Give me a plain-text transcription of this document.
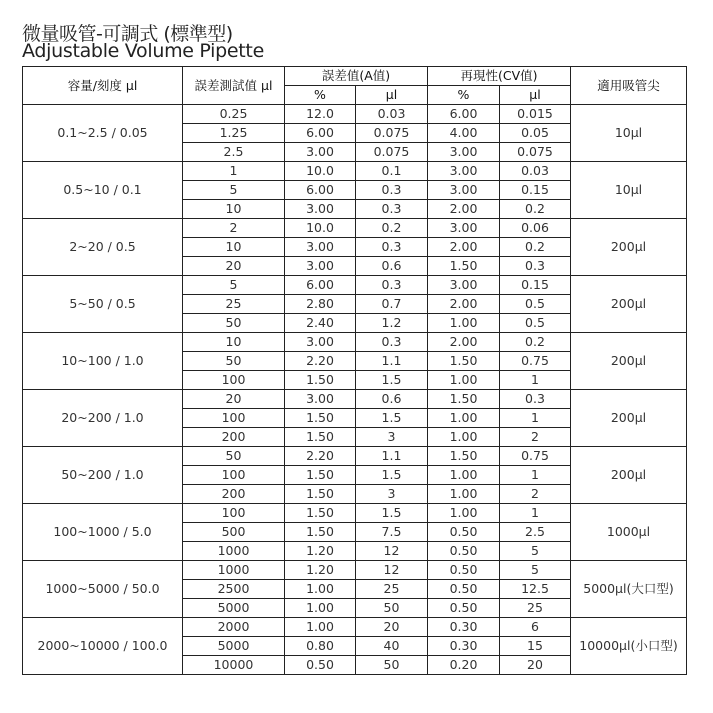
微量吸管-可調式 (標準型)
Adjustable Volume Pipette
容量/刻度 µl	誤差測試值 µl	誤差值(A值)		再現性(CV值)		適用吸管尖
		%	µl	%	µl	
0.1~2.5 / 0.05	0.25	12.0	0.03	6.00	0.015	10µl
	1.25	6.00	0.075	4.00	0.05	
	2.5	3.00	0.075	3.00	0.075	
0.5~10 / 0.1	1	10.0	0.1	3.00	0.03	10µl
	5	6.00	0.3	3.00	0.15	
	10	3.00	0.3	2.00	0.2	
2~20 / 0.5	2	10.0	0.2	3.00	0.06	200µl
	10	3.00	0.3	2.00	0.2	
	20	3.00	0.6	1.50	0.3	
5~50 / 0.5	5	6.00	0.3	3.00	0.15	200µl
	25	2.80	0.7	2.00	0.5	
	50	2.40	1.2	1.00	0.5	
10~100 / 1.0	10	3.00	0.3	2.00	0.2	200µl
	50	2.20	1.1	1.50	0.75	
	100	1.50	1.5	1.00	1	
20~200 / 1.0	20	3.00	0.6	1.50	0.3	200µl
	100	1.50	1.5	1.00	1	
	200	1.50	3	1.00	2	
50~200 / 1.0	50	2.20	1.1	1.50	0.75	200µl
	100	1.50	1.5	1.00	1	
	200	1.50	3	1.00	2	
100~1000 / 5.0	100	1.50	1.5	1.00	1	1000µl
	500	1.50	7.5	0.50	2.5	
	1000	1.20	12	0.50	5	
1000~5000 / 50.0	1000	1.20	12	0.50	5	5000µl(大口型)
	2500	1.00	25	0.50	12.5	
	5000	1.00	50	0.50	25	
2000~10000 / 100.0	2000	1.00	20	0.30	6	10000µl(小口型)
	5000	0.80	40	0.30	15	
	10000	0.50	50	0.20	20	
